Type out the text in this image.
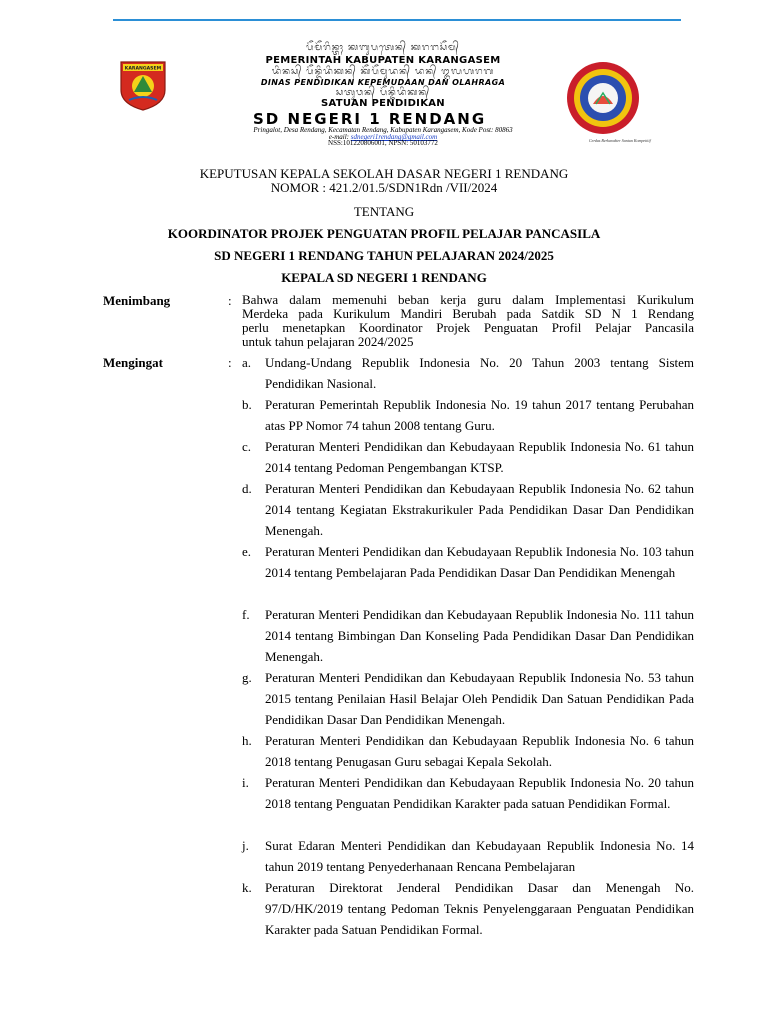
KARANGASEM
ᬧᭂᬫᭂᬭᬶᬦ᭄ᬢᬄ ᬓᬩᬸᬧᬢᬾᬦ᭄ ᬓᬭᬗᬲᭂᬫ᭄
PEMERINTAH KABUPATEN KARANGASEM
ᬤᬶᬦᬲ᭄ ᬧᭂᬦ᭄ᬤᬶᬤᬶᬓᬦ᭄ ᬓᭂᬧᭂᬫᬸᬤᬦ᭄ ᬤᬦ᭄ ᬑᬮᬳᬭᬕ
DINAS PENDIDIKAN KEPEMUDAAN DAN OLAHRAGA
ᬲᬢᬸᬯᬦ᭄ ᬧᭂᬦ᭄ᬤᬶᬤᬶᬓᬦ᭄
SATUAN PENDIDIKAN
SD NEGERI 1 RENDANG
Pringalot, Desa Rendang, Kecamatan Rendang, Kabupaten Karangasem, Kode Post: 80863
e-mail: sdnegeri1rendang@gmail.com
NSS:101220806001, NPSN: 50103772	Cerdas Berkarakter Santun Kompetitif
KEPUTUSAN KEPALA SEKOLAH DASAR NEGERI 1 RENDANG
NOMOR : 421.2/01.5/SDN1Rdn /VII/2024
TENTANG
KOORDINATOR PROJEK PENGUATAN PROFIL PELAJAR PANCASILA
SD NEGERI 1 RENDANG TAHUN PELAJARAN 2024/2025
KEPALA SD NEGERI 1 RENDANG
Menimbang	: Bahwa dalam memenuhi beban kerja guru dalam Implementasi Kurikulum
Merdeka pada Kurikulum Mandiri Berubah pada Satdik SD N 1 Rendang
perlu menetapkan Koordinator Projek Penguatan Profil Pelajar Pancasila
untuk tahun pelajaran 2024/2025
Mengingat	: a. Undang-Undang Republik Indonesia No. 20 Tahun 2003 tentang Sistem Pendidikan Nasional.
b. Peraturan Pemerintah Republik Indonesia No. 19 tahun 2017 tentang Perubahan atas PP Nomor 74 tahun 2008 tentang Guru.
c. Peraturan Menteri Pendidikan dan Kebudayaan Republik Indonesia No. 61 tahun 2014 tentang Pedoman Pengembangan KTSP.
d. Peraturan Menteri Pendidikan dan Kebudayaan Republik Indonesia No. 62 tahun 2014 tentang Kegiatan Ekstrakurikuler Pada Pendidikan Dasar Dan Pendidikan Menengah.
e. Peraturan Menteri Pendidikan dan Kebudayaan Republik Indonesia No. 103 tahun 2014 tentang Pembelajaran Pada Pendidikan Dasar Dan Pendidikan Menengah
f. Peraturan Menteri Pendidikan dan Kebudayaan Republik Indonesia No. 111 tahun 2014 tentang Bimbingan Dan Konseling Pada Pendidikan Dasar Dan Pendidikan Menengah.
g. Peraturan Menteri Pendidikan dan Kebudayaan Republik Indonesia No. 53 tahun 2015 tentang Penilaian Hasil Belajar Oleh Pendidik Dan Satuan Pendidikan Pada Pendidikan Dasar Dan Pendidikan Menengah.
h. Peraturan Menteri Pendidikan dan Kebudayaan Republik Indonesia No. 6 tahun 2018 tentang Penugasan Guru sebagai Kepala Sekolah.
i. Peraturan Menteri Pendidikan dan Kebudayaan Republik Indonesia No. 20 tahun 2018 tentang Penguatan Pendidikan Karakter pada satuan Pendidikan Formal.
j. Surat Edaran Menteri Pendidikan dan Kebudayaan Republik Indonesia No. 14 tahun 2019 tentang Penyederhanaan Rencana Pembelajaran
k. Peraturan Direktorat Jenderal Pendidikan Dasar dan Menengah No. 97/D/HK/2019 tentang Pedoman Teknis Penyelenggaraan Penguatan Pendidikan Karakter pada Satuan Pendidikan Formal.
